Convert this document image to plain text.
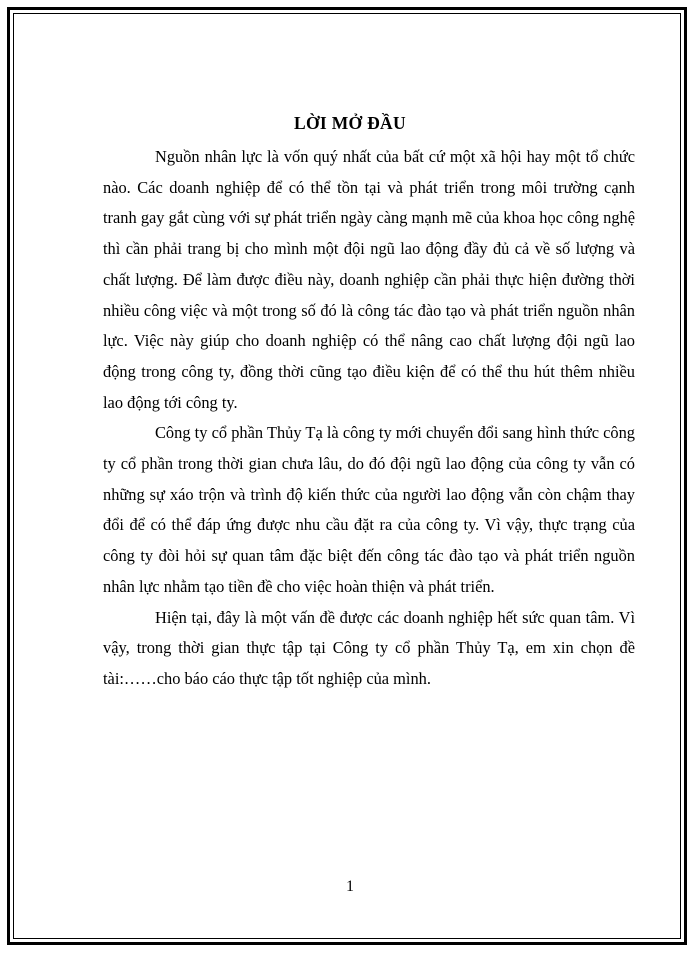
LỜI MỞ ĐẦU

Nguồn nhân lực là vốn quý nhất của bất cứ một xã hội hay một tổ chức nào. Các doanh nghiệp để có thể tồn tại và phát triển trong môi trường cạnh tranh gay gắt cùng với sự phát triển ngày càng mạnh mẽ của khoa học công nghệ thì cần phải trang bị cho mình một đội ngũ lao động đầy đủ cả về số lượng và chất lượng. Để làm được điều này, doanh nghiệp cần phải thực hiện đường thời nhiều công việc và một trong số đó là công tác đào tạo và phát triển nguồn nhân lực. Việc này giúp cho doanh nghiệp có thể nâng cao chất lượng đội ngũ lao động trong công ty, đồng thời cũng tạo điều kiện để có thể thu hút thêm nhiều lao động tới công ty.

Công ty cổ phần Thủy Tạ là công ty mới chuyển đổi sang hình thức công ty cổ phần trong thời gian chưa lâu, do đó đội ngũ lao động của công ty vẫn có những sự xáo trộn và trình độ kiến thức của người lao động vẫn còn chậm thay đổi để có thể đáp ứng được nhu cầu đặt ra của công ty. Vì vậy, thực trạng của công ty đòi hỏi sự quan tâm đặc biệt đến công tác đào tạo và phát triển nguồn nhân lực nhằm tạo tiền đề cho việc hoàn thiện và phát triển.

Hiện tại, đây là một vấn đề được các doanh nghiệp hết sức quan tâm. Vì vậy, trong thời gian thực tập tại Công ty cổ phần Thủy Tạ, em xin chọn đề tài:……cho báo cáo thực tập tốt nghiệp của mình.

1
